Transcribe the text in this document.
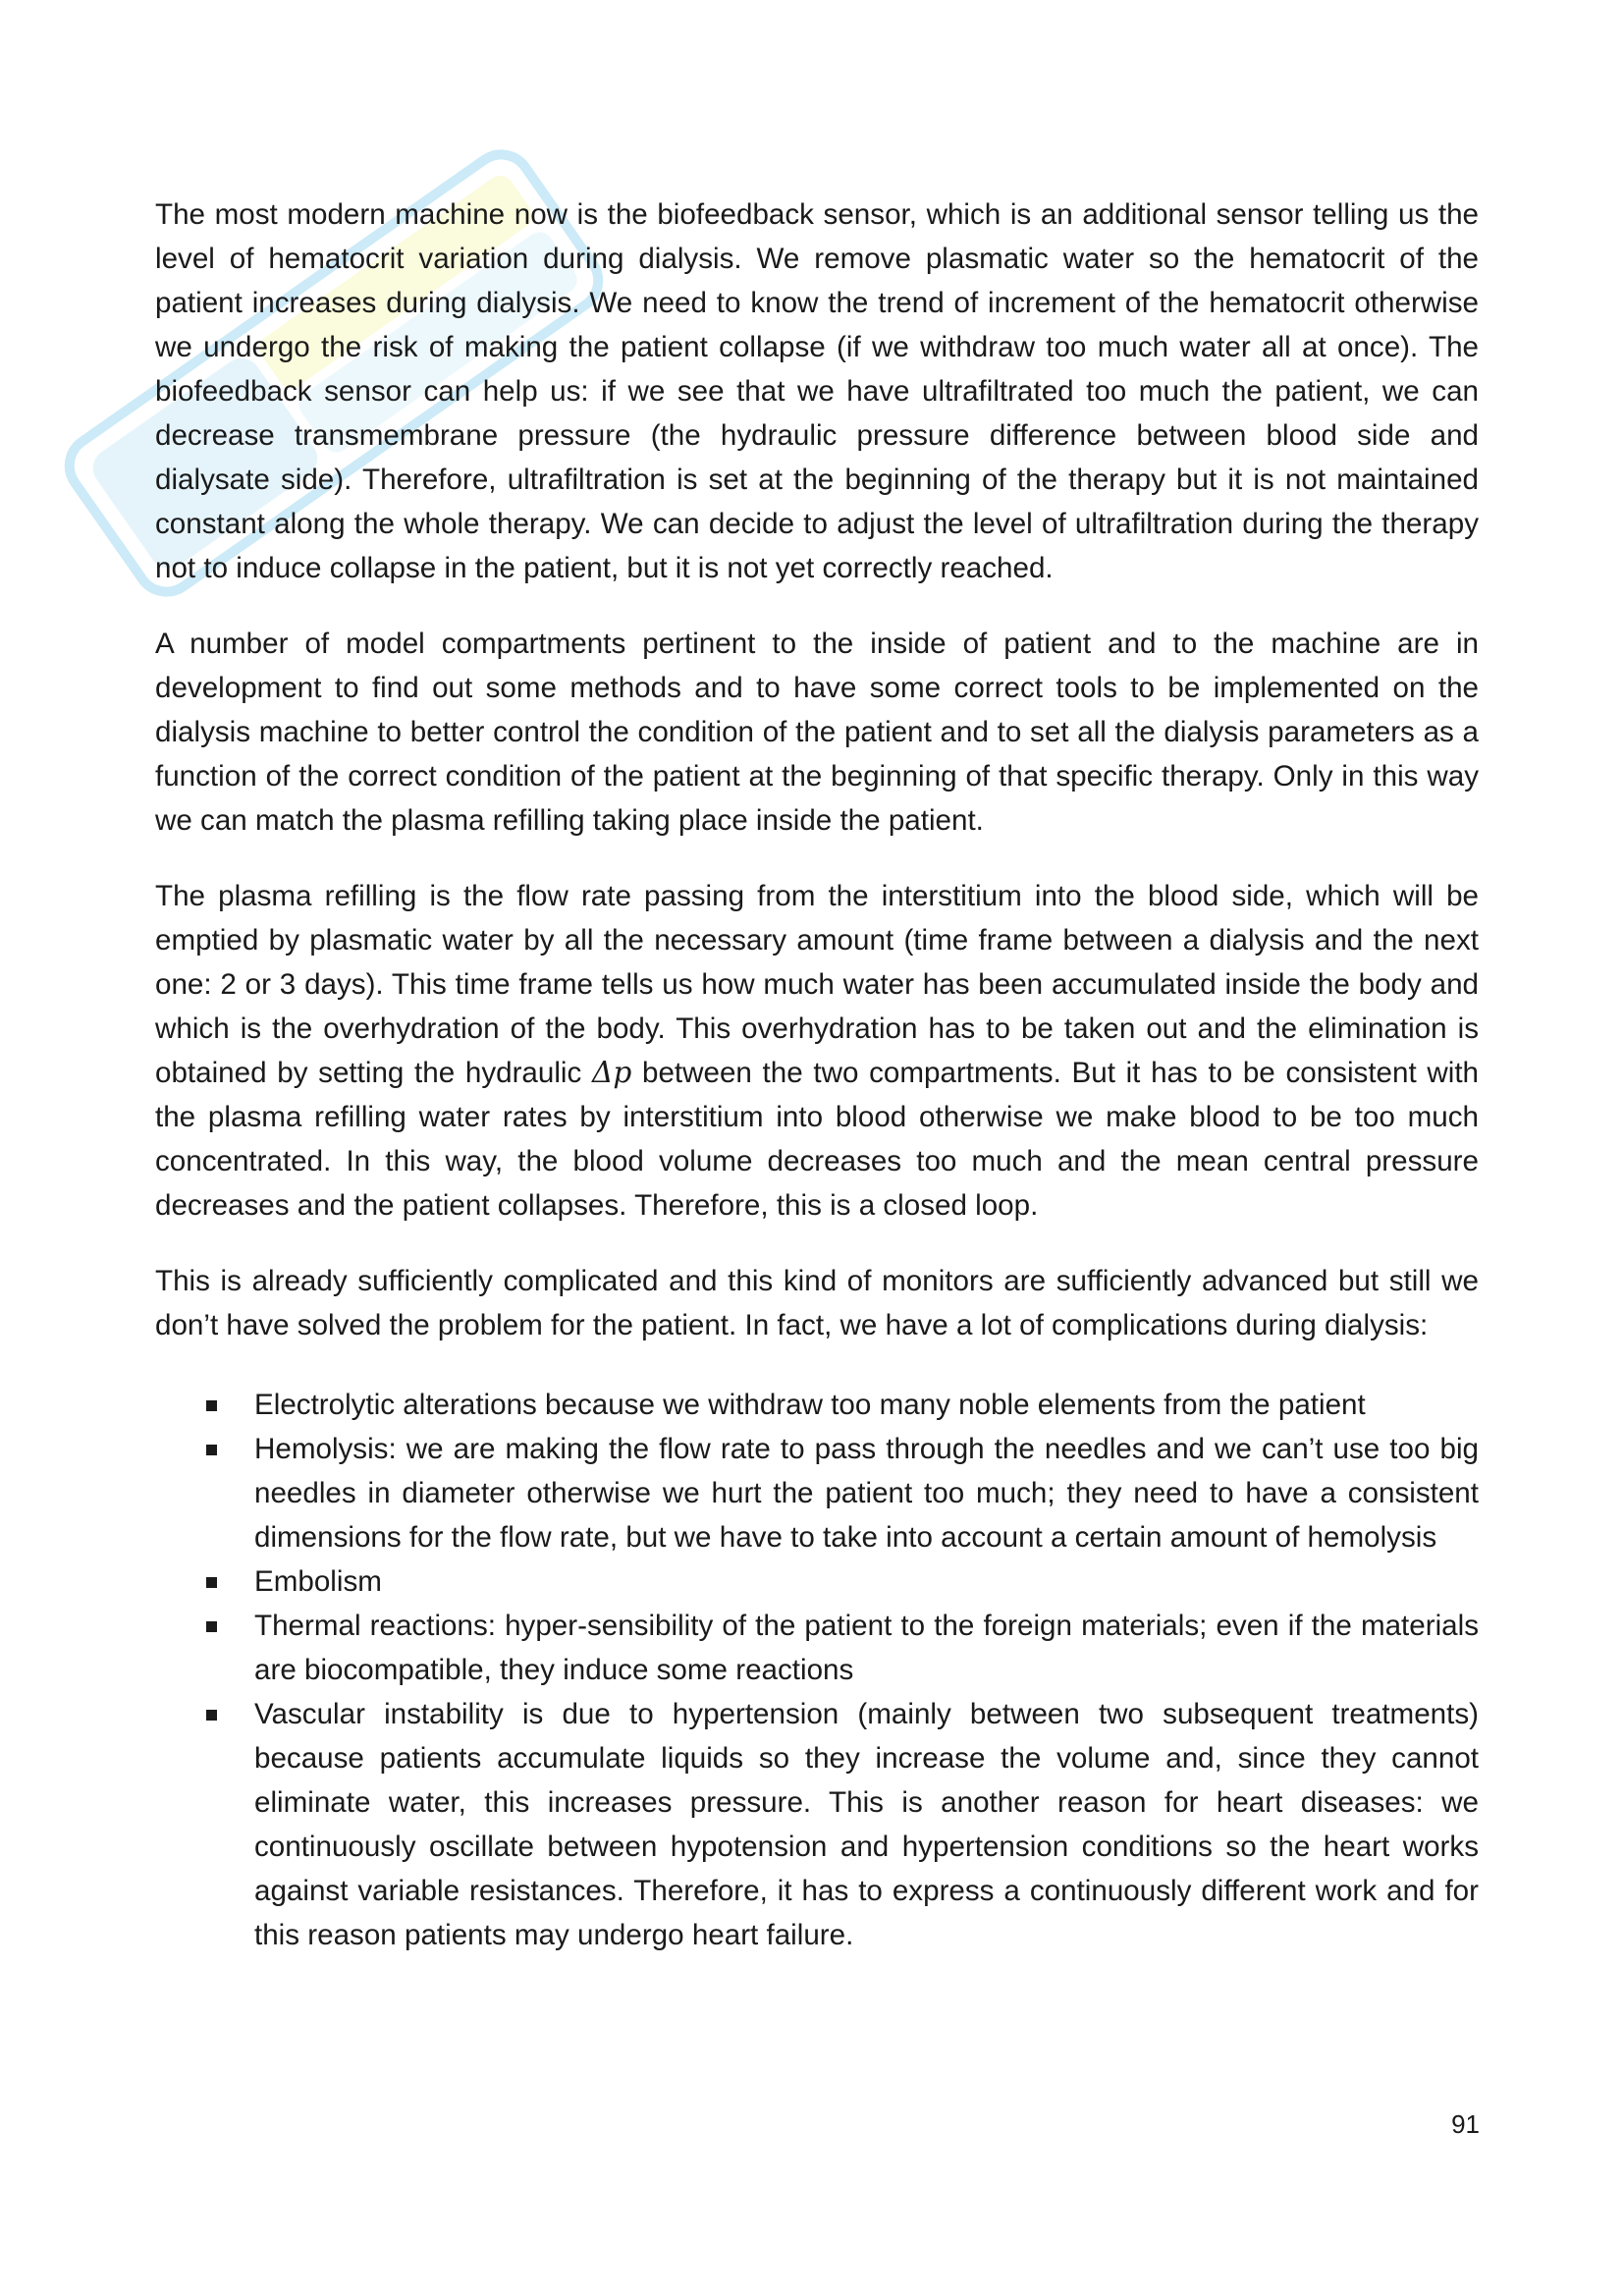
The most modern machine now is the biofeedback sensor, which is an additional sensor telling us the level of hematocrit variation during dialysis. We remove plasmatic water so the hematocrit of the patient increases during dialysis. We need to know the trend of increment of the hematocrit otherwise we undergo the risk of making the patient collapse (if we withdraw too much water all at once). The biofeedback sensor can help us: if we see that we have ultrafiltrated too much the patient, we can decrease transmembrane pressure (the hydraulic pressure difference between blood side and dialysate side). Therefore, ultrafiltration is set at the beginning of the therapy but it is not maintained constant along the whole therapy. We can decide to adjust the level of ultrafiltration during the therapy not to induce collapse in the patient, but it is not yet correctly reached.

A number of model compartments pertinent to the inside of patient and to the machine are in development to find out some methods and to have some correct tools to be implemented on the dialysis machine to better control the condition of the patient and to set all the dialysis parameters as a function of the correct condition of the patient at the beginning of that specific therapy. Only in this way we can match the plasma refilling taking place inside the patient.

The plasma refilling is the flow rate passing from the interstitium into the blood side, which will be emptied by plasmatic water by all the necessary amount (time frame between a dialysis and the next one: 2 or 3 days). This time frame tells us how much water has been accumulated inside the body and which is the overhydration of the body. This overhydration has to be taken out and the elimination is obtained by setting the hydraulic Δp between the two compartments. But it has to be consistent with the plasma refilling water rates by interstitium into blood otherwise we make blood to be too much concentrated. In this way, the blood volume decreases too much and the mean central pressure decreases and the patient collapses. Therefore, this is a closed loop.

This is already sufficiently complicated and this kind of monitors are sufficiently advanced but still we don’t have solved the problem for the patient. In fact, we have a lot of complications during dialysis:

Electrolytic alterations because we withdraw too many noble elements from the patient
Hemolysis: we are making the flow rate to pass through the needles and we can’t use too big needles in diameter otherwise we hurt the patient too much; they need to have a consistent dimensions for the flow rate, but we have to take into account a certain amount of hemolysis
Embolism
Thermal reactions: hyper-sensibility of the patient to the foreign materials; even if the materials are biocompatible, they induce some reactions
Vascular instability is due to hypertension (mainly between two subsequent treatments) because patients accumulate liquids so they increase the volume and, since they cannot eliminate water, this increases pressure. This is another reason for heart diseases: we continuously oscillate between hypotension and hypertension conditions so the heart works against variable resistances. Therefore, it has to express a continuously different work and for this reason patients may undergo heart failure.
91
